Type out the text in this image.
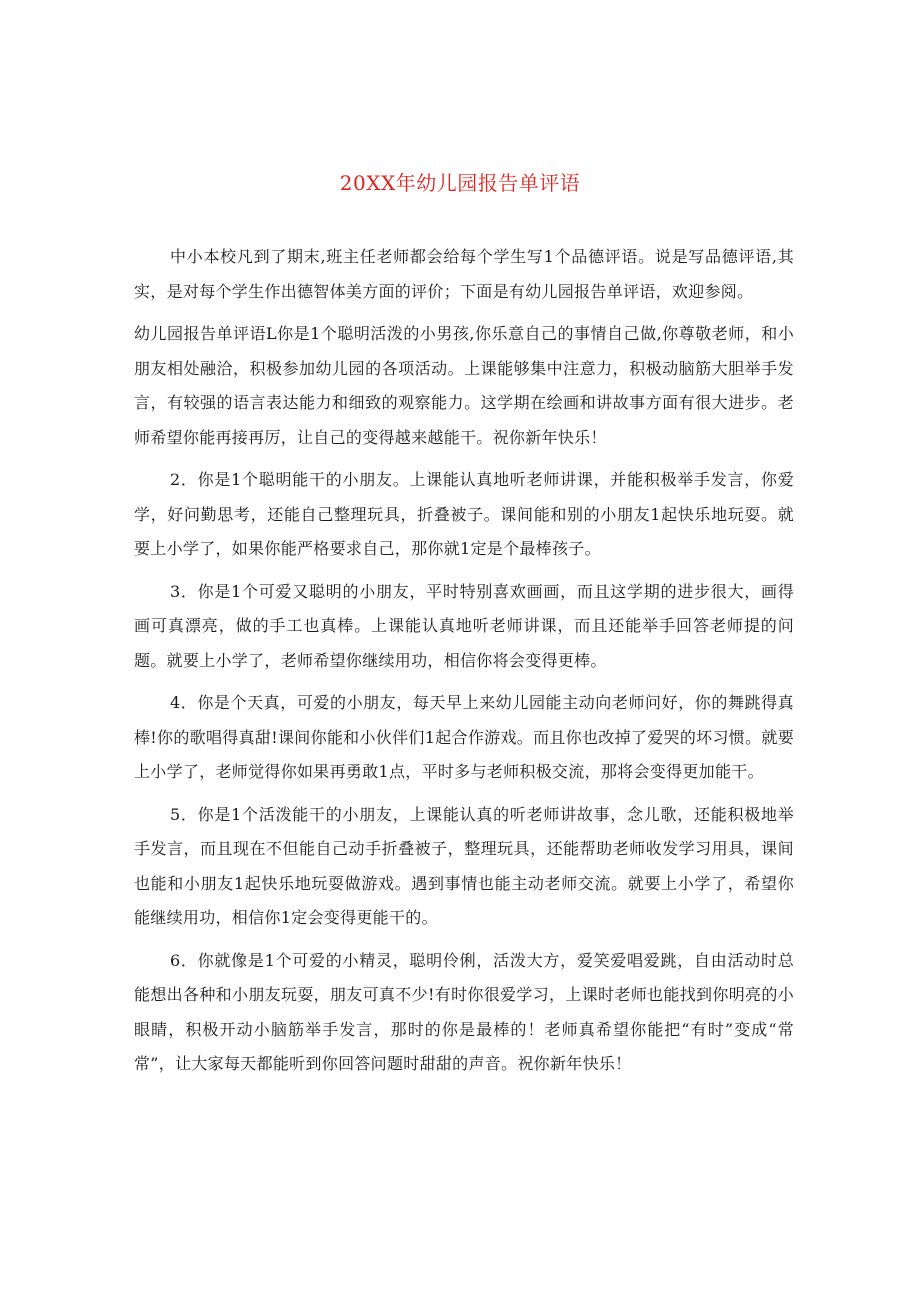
20XX年幼儿园报告单评语

中小本校凡到了期末,班主任老师都会给每个学生写1个品德评语。说是写品德评语,其实，是对每个学生作出德智体美方面的评价；下面是有幼儿园报告单评语，欢迎参阅。

幼儿园报告单评语L你是1个聪明活泼的小男孩,你乐意自己的事情自己做,你尊敬老师，和小朋友相处融洽，积极参加幼儿园的各项活动。上课能够集中注意力，积极动脑筋大胆举手发言，有较强的语言表达能力和细致的观察能力。这学期在绘画和讲故事方面有很大进步。老师希望你能再接再厉，让自己的变得越来越能干。祝你新年快乐！

2．你是1个聪明能干的小朋友。上课能认真地听老师讲课，并能积极举手发言，你爱学，好问勤思考，还能自己整理玩具，折叠被子。课间能和别的小朋友1起快乐地玩耍。就要上小学了，如果你能严格要求自己，那你就1定是个最棒孩子。

3．你是1个可爱又聪明的小朋友，平时特别喜欢画画，而且这学期的进步很大，画得画可真漂亮，做的手工也真棒。上课能认真地听老师讲课，而且还能举手回答老师提的问题。就要上小学了，老师希望你继续用功，相信你将会变得更棒。

4．你是个天真，可爱的小朋友，每天早上来幼儿园能主动向老师问好，你的舞跳得真棒!你的歌唱得真甜!课间你能和小伙伴们1起合作游戏。而且你也改掉了爱哭的坏习惯。就要上小学了，老师觉得你如果再勇敢1点，平时多与老师积极交流，那将会变得更加能干。

5．你是1个活泼能干的小朋友，上课能认真的听老师讲故事，念儿歌，还能积极地举手发言，而且现在不但能自己动手折叠被子，整理玩具，还能帮助老师收发学习用具，课间也能和小朋友1起快乐地玩耍做游戏。遇到事情也能主动老师交流。就要上小学了，希望你能继续用功，相信你1定会变得更能干的。

6．你就像是1个可爱的小精灵，聪明伶俐，活泼大方，爱笑爱唱爱跳，自由活动时总能想出各种和小朋友玩耍，朋友可真不少!有时你很爱学习，上课时老师也能找到你明亮的小眼睛，积极开动小脑筋举手发言，那时的你是最棒的！老师真希望你能把“有时”变成“常常”，让大家每天都能听到你回答问题时甜甜的声音。祝你新年快乐！
